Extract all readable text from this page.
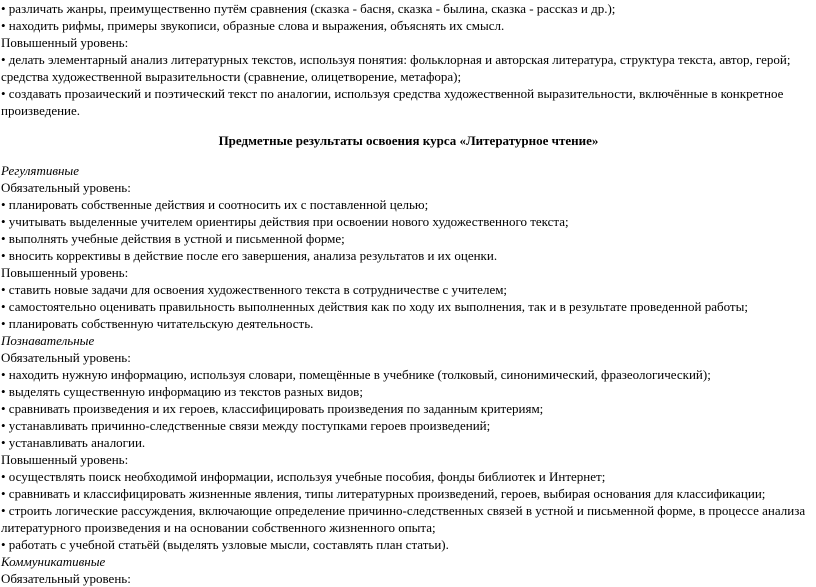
• различать жанры, преимущественно путём сравнения (сказка - басня, сказка - былина, сказка - рассказ и др.);
• находить рифмы, примеры звукописи, образные слова и выражения, объяснять их смысл.
Повышенный уровень:
• делать элементарный анализ литературных текстов, используя понятия: фольклорная и авторская литература, структура текста, автор, герой; средства художественной выразительности (сравнение, олицетворение, метафора);
• создавать прозаический и поэтический текст по аналогии, используя средства художественной выразительности, включённые в конкретное произведение.
Предметные результаты освоения курса «Литературное чтение»
Регулятивные
Обязательный уровень:
• планировать собственные действия и соотносить их с поставленной целью;
• учитывать выделенные учителем ориентиры действия при освоении нового художественного текста;
• выполнять учебные действия в устной и письменной форме;
• вносить коррективы в действие после его завершения, анализа результатов и их оценки.
Повышенный уровень:
• ставить новые задачи для освоения художественного текста в сотрудничестве с учителем;
• самостоятельно оценивать правильность выполненных действия как по ходу их выполнения, так и в результате проведенной работы;
• планировать собственную читательскую деятельность.
Познавательные
Обязательный уровень:
• находить нужную информацию, используя словари, помещённые в учебнике (толковый, синонимический, фразеологический);
• выделять существенную информацию из текстов разных видов;
• сравнивать произведения и их героев, классифицировать произведения по заданным критериям;
• устанавливать причинно-следственные связи между поступками героев произведений;
• устанавливать аналогии.
Повышенный уровень:
• осуществлять поиск необходимой информации, используя учебные пособия, фонды библиотек и Интернет;
• сравнивать и классифицировать жизненные явления, типы литературных произведений, героев, выбирая основания для классификации;
• строить логические рассуждения, включающие определение причинно-следственных связей в устной и письменной форме, в процессе анализа литературного произведения и на основании собственного жизненного опыта;
• работать с учебной статьёй (выделять узловые мысли, составлять план статьи).
Коммуникативные
Обязательный уровень:
